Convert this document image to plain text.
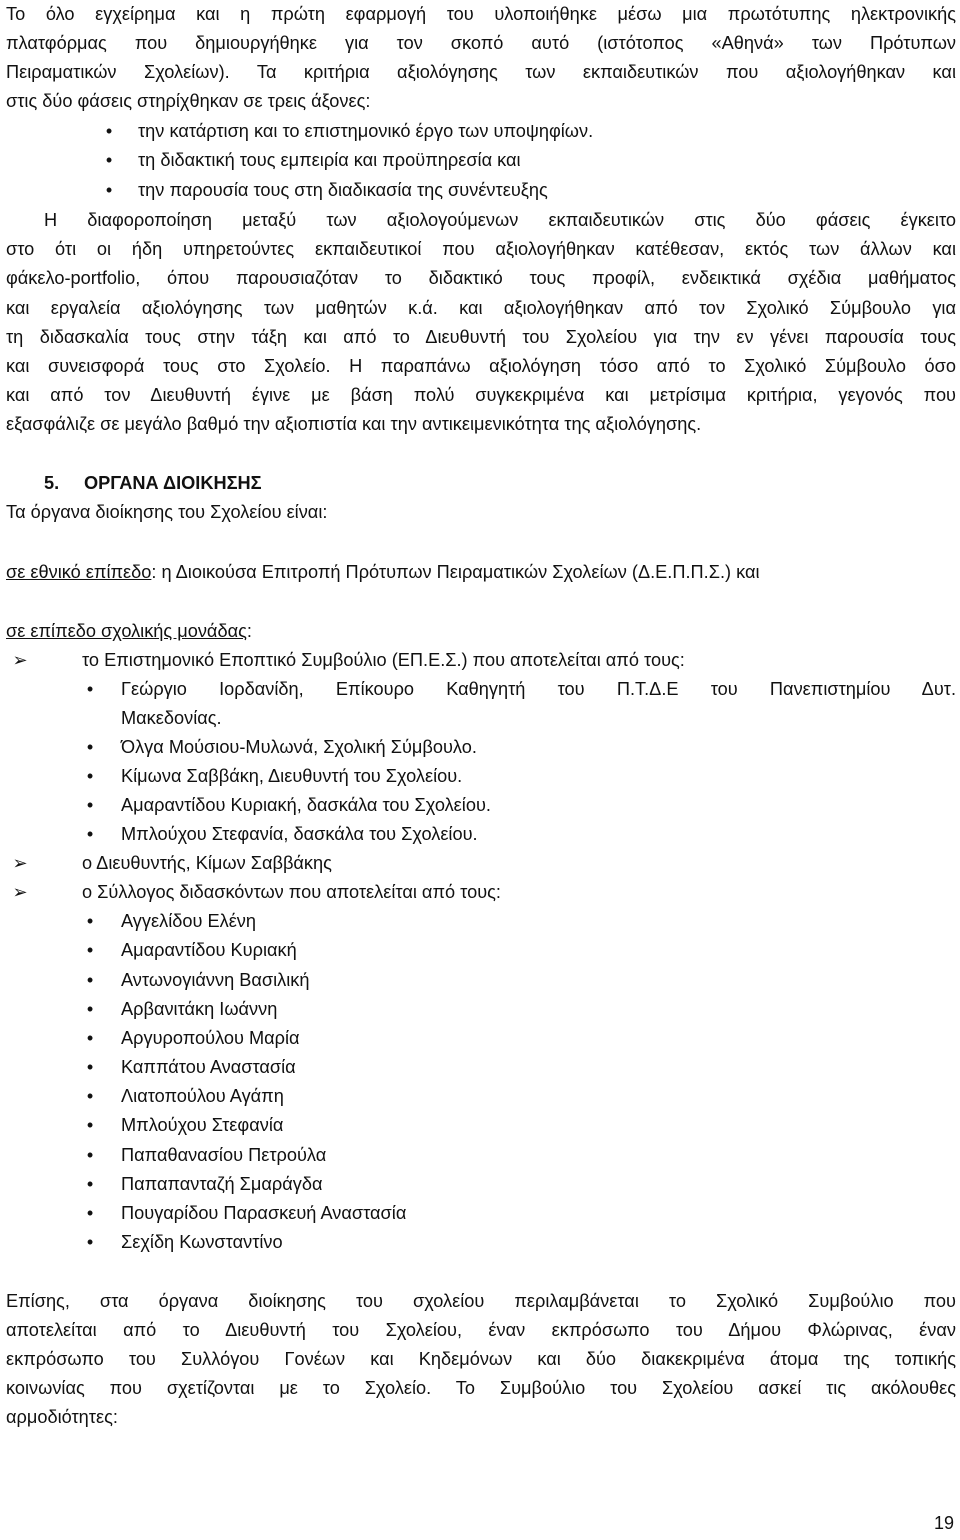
Το όλο εγχείρημα και η πρώτη εφαρμογή του υλοποιήθηκε μέσω μια πρωτότυπης ηλεκτρονικής
πλατφόρμας που δημιουργήθηκε για τον σκοπό αυτό (ιστότοπος «Αθηνά» των Πρότυπων
Πειραματικών Σχολείων). Τα κριτήρια αξιολόγησης των εκπαιδευτικών που αξιολογήθηκαν και
στις δύο φάσεις στηρίχθηκαν σε τρεις άξονες:
• την κατάρτιση και το επιστημονικό έργο των υποψηφίων.
• τη διδακτική τους εμπειρία και προϋπηρεσία και
• την παρουσία τους στη διαδικασία της συνέντευξης
Η διαφοροποίηση μεταξύ των αξιολογούμενων εκπαιδευτικών στις δύο φάσεις έγκειτο
στο ότι οι ήδη υπηρετούντες εκπαιδευτικοί που αξιολογήθηκαν κατέθεσαν, εκτός των άλλων και
φάκελο-portfolio, όπου παρουσιαζόταν το διδακτικό τους προφίλ, ενδεικτικά σχέδια μαθήματος
και εργαλεία αξιολόγησης των μαθητών κ.ά. και αξιολογήθηκαν από τον Σχολικό Σύμβουλο για
τη διδασκαλία τους στην τάξη και από το Διευθυντή του Σχολείου για την εν γένει παρουσία τους
και συνεισφορά τους στο Σχολείο. Η παραπάνω αξιολόγηση τόσο από το Σχολικό Σύμβουλο όσο
και από τον Διευθυντή έγινε με βάση πολύ συγκεκριμένα και μετρίσιμα κριτήρια, γεγονός που
εξασφάλιζε σε μεγάλο βαθμό την αξιοπιστία και την αντικειμενικότητα της αξιολόγησης.
5.	ΟΡΓΑΝΑ ΔΙΟΙΚΗΣΗΣ
Τα όργανα διοίκησης του Σχολείου είναι:
σε εθνικό επίπεδο: η Διοικούσα Επιτροπή Πρότυπων Πειραματικών Σχολείων (Δ.Ε.Π.Π.Σ.) και
σε επίπεδο σχολικής μονάδας:
➢	το Επιστημονικό Εποπτικό Συμβούλιο (ΕΠ.Ε.Σ.) που αποτελείται από τους:
• Γεώργιο Ιορδανίδη, Επίκουρο Καθηγητή του Π.Τ.Δ.Ε του Πανεπιστημίου Δυτ.
Μακεδονίας.
• Όλγα Μούσιου-Μυλωνά, Σχολική Σύμβουλο.
• Κίμωνα Σαββάκη, Διευθυντή του Σχολείου.
• Αμαραντίδου Κυριακή, δασκάλα του Σχολείου.
• Μπλούχου Στεφανία, δασκάλα του Σχολείου.
➢	ο Διευθυντής, Κίμων Σαββάκης
➢	ο Σύλλογος διδασκόντων που αποτελείται από τους:
• Αγγελίδου Ελένη
• Αμαραντίδου Κυριακή
• Αντωνογιάννη Βασιλική
• Αρβανιτάκη Ιωάννη
• Αργυροπούλου Μαρία
• Καππάτου Αναστασία
• Λιατοπούλου Αγάπη
• Μπλούχου Στεφανία
• Παπαθανασίου Πετρούλα
• Παπαπανταζή Σμαράγδα
• Πουγαρίδου Παρασκευή Αναστασία
• Σεχίδη Κωνσταντίνο
Επίσης, στα όργανα διοίκησης του σχολείου περιλαμβάνεται το Σχολικό Συμβούλιο που
αποτελείται από το Διευθυντή του Σχολείου, έναν εκπρόσωπο του Δήμου Φλώρινας, έναν
εκπρόσωπο του Συλλόγου Γονέων και Κηδεμόνων και δύο διακεκριμένα άτομα της τοπικής
κοινωνίας που σχετίζονται με το Σχολείο. Το Συμβούλιο του Σχολείου ασκεί τις ακόλουθες
αρμοδιότητες:
19
